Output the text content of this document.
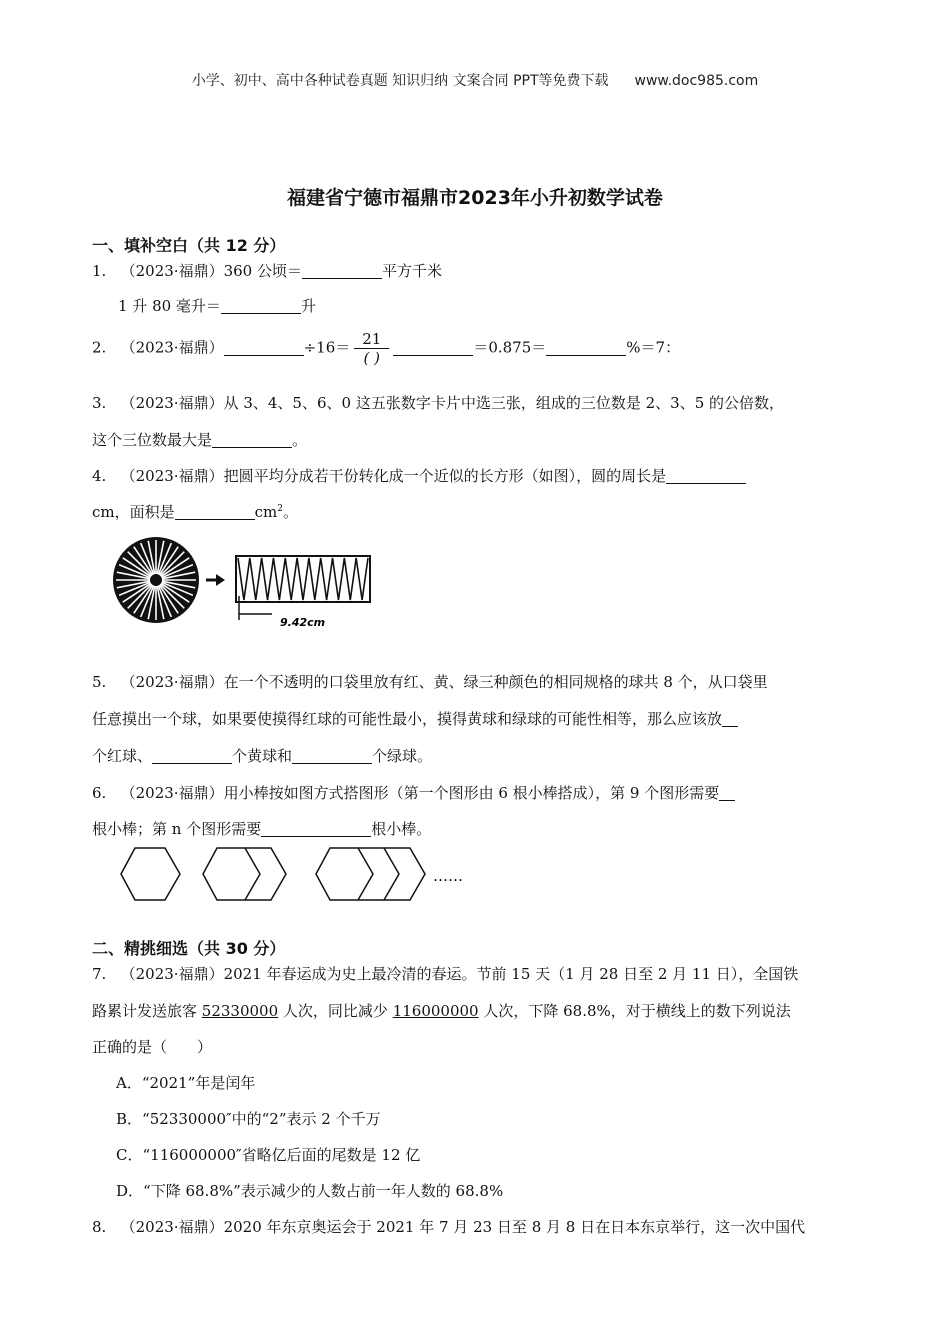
小学、初中、高中各种试卷真题 知识归纳 文案合同 PPT等免费下载 www.doc985.com
福建省宁德市福鼎市2023年小升初数学试卷
一、填补空白（共 12 分）
1. （2023·福鼎）360 公顷＝	平方千米
1 升 80 毫升＝	升
2. （2023·福鼎）	$\div 16= \frac{21}{( )}$	＝0.875＝	%＝7：
3. （2023·福鼎）从 3、4、5、6、0 这五张数字卡片中选三张，组成的三位数是 2、3、5 的公倍数，
这个三位数最大是	。
4. （2023·福鼎）把圆平均分成若干份转化成一个近似的长方形（如图），圆的周长是
cm，面积是	$cm^2$。
9.42cm
5. （2023·福鼎）在一个不透明的口袋里放有红、黄、绿三种颜色的相同规格的球共 8 个，从口袋里
任意摸出一个球，如果要使摸得红球的可能性最小，摸得黄球和绿球的可能性相等，那么应该放
个红球、	个黄球和	个绿球。
6. （2023·福鼎）用小棒按如图方式搭图形（第一个图形由 6 根小棒搭成），第 9 个图形需要
根小棒；第 n 个图形需要	根小棒。
……
二、精挑细选（共 30 分）
7. （2023·福鼎）2021 年春运成为史上最冷清的春运。节前 15 天（1 月 28 日至 2 月 11 日），全国铁
路累计发送旅客 52330000 人次，同比减少 116000000 人次，下降 68.8%，对于横线上的数下列说法
正确的是（　　）
A．“2021”年是闰年
B．“52330000″中的“2”表示 2 个千万
C．“116000000″省略亿后面的尾数是 12 亿
D．“下降 68.8%”表示减少的人数占前一年人数的 68.8%
8. （2023·福鼎）2020 年东京奥运会于 2021 年 7 月 23 日至 8 月 8 日在日本东京举行，这一次中国代
